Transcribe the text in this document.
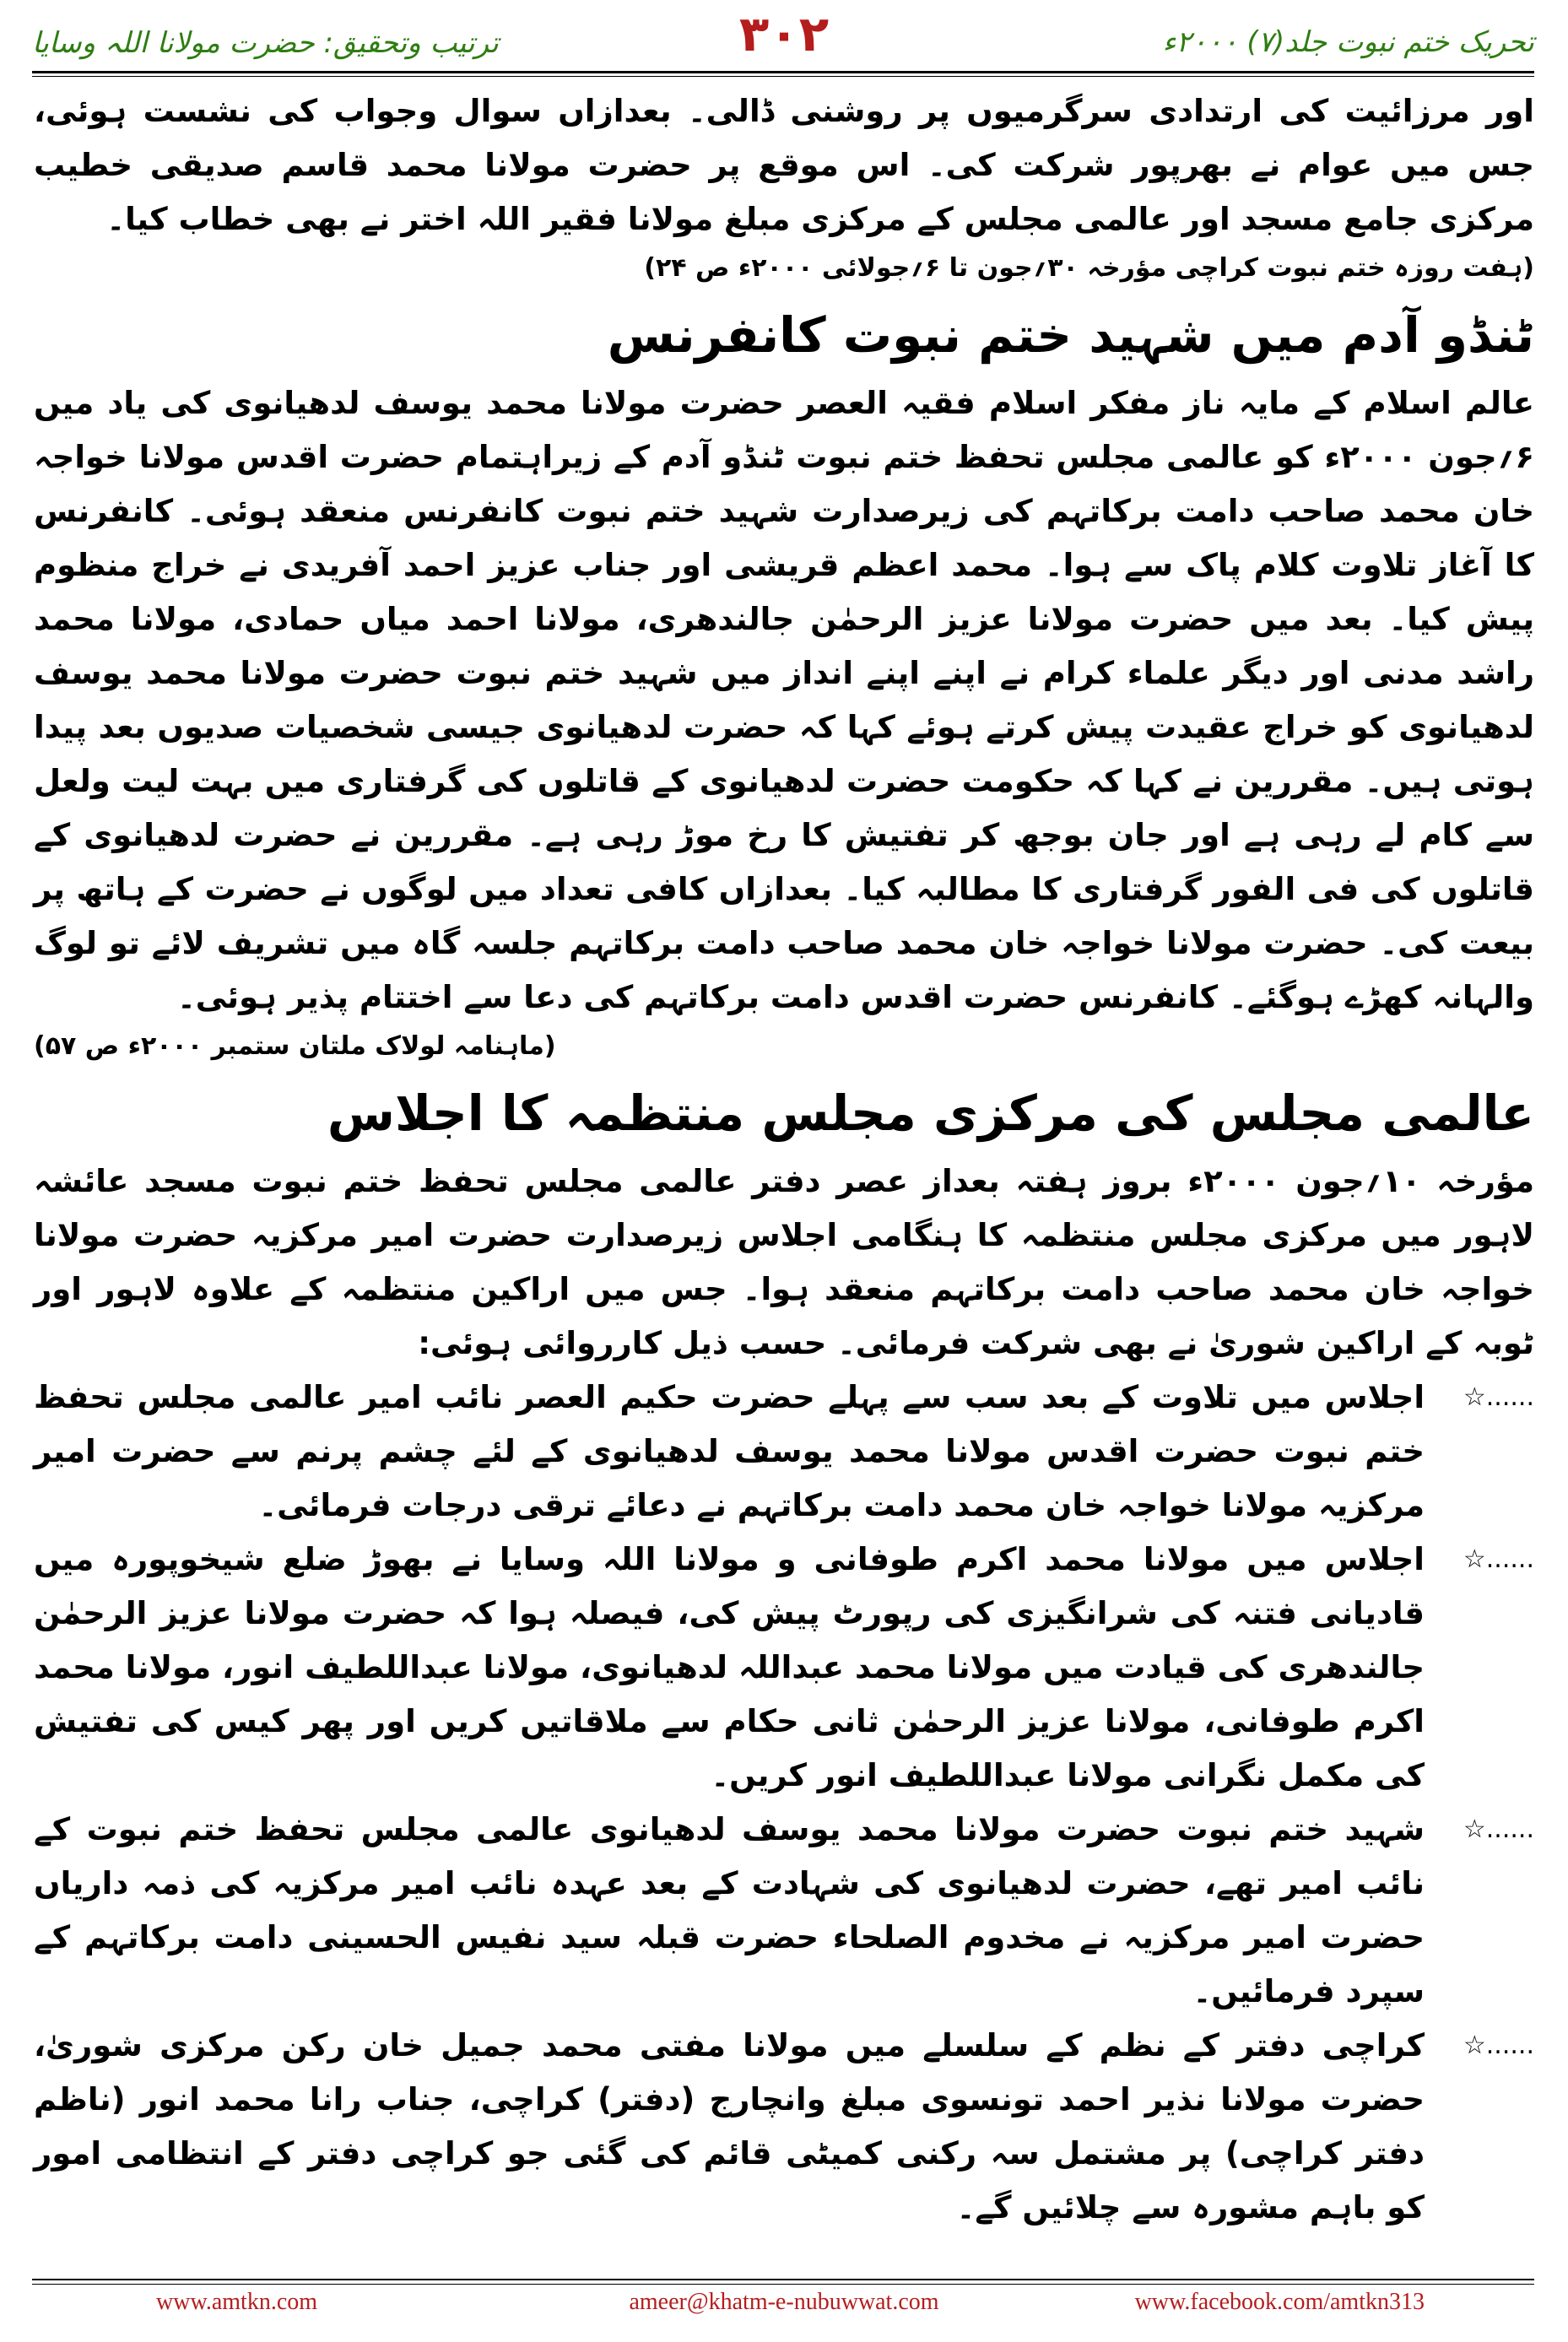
تحریک ختم نبوت جلد(۷) ۲۰۰۰ء
۳۰۲
ترتیب وتحقیق: حضرت مولانا اللہ وسایا

اور مرزائیت کی ارتدادی سرگرمیوں پر روشنی ڈالی۔ بعدازاں سوال وجواب کی نشست ہوئی، جس میں عوام نے بھرپور شرکت کی۔ اس موقع پر حضرت مولانا محمد قاسم صدیقی خطیب مرکزی جامع مسجد اور عالمی مجلس کے مرکزی مبلغ مولانا فقیر اللہ اختر نے بھی خطاب کیا۔

(ہفت روزہ ختم نبوت کراچی مؤرخہ ۳۰؍جون تا ۶؍جولائی ۲۰۰۰ء ص ۲۴)

ٹنڈو آدم میں شہید ختم نبوت کانفرنس

عالم اسلام کے مایہ ناز مفکر اسلام فقیہ العصر حضرت مولانا محمد یوسف لدھیانوی کی یاد میں ۶؍جون ۲۰۰۰ء کو عالمی مجلس تحفظ ختم نبوت ٹنڈو آدم کے زیراہتمام حضرت اقدس مولانا خواجہ خان محمد صاحب دامت برکاتہم کی زیرصدارت شہید ختم نبوت کانفرنس منعقد ہوئی۔ کانفرنس کا آغاز تلاوت کلام پاک سے ہوا۔ محمد اعظم قریشی اور جناب عزیز احمد آفریدی نے خراج منظوم پیش کیا۔ بعد میں حضرت مولانا عزیز الرحمٰن جالندھری، مولانا احمد میاں حمادی، مولانا محمد راشد مدنی اور دیگر علماء کرام نے اپنے اپنے انداز میں شہید ختم نبوت حضرت مولانا محمد یوسف لدھیانوی کو خراج عقیدت پیش کرتے ہوئے کہا کہ حضرت لدھیانوی جیسی شخصیات صدیوں بعد پیدا ہوتی ہیں۔ مقررین نے کہا کہ حکومت حضرت لدھیانوی کے قاتلوں کی گرفتاری میں بہت لیت ولعل سے کام لے رہی ہے اور جان بوجھ کر تفتیش کا رخ موڑ رہی ہے۔ مقررین نے حضرت لدھیانوی کے قاتلوں کی فی الفور گرفتاری کا مطالبہ کیا۔ بعدازاں کافی تعداد میں لوگوں نے حضرت کے ہاتھ پر بیعت کی۔ حضرت مولانا خواجہ خان محمد صاحب دامت برکاتہم جلسہ گاہ میں تشریف لائے تو لوگ والہانہ کھڑے ہوگئے۔ کانفرنس حضرت اقدس دامت برکاتہم کی دعا سے اختتام پذیر ہوئی۔

(ماہنامہ لولاک ملتان ستمبر ۲۰۰۰ء ص ۵۷)

عالمی مجلس کی مرکزی مجلس منتظمہ کا اجلاس

مؤرخہ ۱۰؍جون ۲۰۰۰ء بروز ہفتہ بعداز عصر دفتر عالمی مجلس تحفظ ختم نبوت مسجد عائشہ لاہور میں مرکزی مجلس منتظمہ کا ہنگامی اجلاس زیرصدارت حضرت امیر مرکزیہ حضرت مولانا خواجہ خان محمد صاحب دامت برکاتہم منعقد ہوا۔ جس میں اراکین منتظمہ کے علاوہ لاہور اور ٹوبہ کے اراکین شوریٰ نے بھی شرکت فرمائی۔ حسب ذیل کارروائی ہوئی:

☆......
اجلاس میں تلاوت کے بعد سب سے پہلے حضرت حکیم العصر نائب امیر عالمی مجلس تحفظ ختم نبوت حضرت اقدس مولانا محمد یوسف لدھیانوی کے لئے چشم پرنم سے حضرت امیر مرکزیہ مولانا خواجہ خان محمد دامت برکاتہم نے دعائے ترقی درجات فرمائی۔
☆......
اجلاس میں مولانا محمد اکرم طوفانی و مولانا اللہ وسایا نے بھوڑ ضلع شیخوپورہ میں قادیانی فتنہ کی شرانگیزی کی رپورٹ پیش کی، فیصلہ ہوا کہ حضرت مولانا عزیز الرحمٰن جالندھری کی قیادت میں مولانا محمد عبداللہ لدھیانوی، مولانا عبداللطیف انور، مولانا محمد اکرم طوفانی، مولانا عزیز الرحمٰن ثانی حکام سے ملاقاتیں کریں اور پھر کیس کی تفتیش کی مکمل نگرانی مولانا عبداللطیف انور کریں۔
☆......
شہید ختم نبوت حضرت مولانا محمد یوسف لدھیانوی عالمی مجلس تحفظ ختم نبوت کے نائب امیر تھے، حضرت لدھیانوی کی شہادت کے بعد عہدہ نائب امیر مرکزیہ کی ذمہ داریاں حضرت امیر مرکزیہ نے مخدوم الصلحاء حضرت قبلہ سید نفیس الحسینی دامت برکاتہم کے سپرد فرمائیں۔
☆......
کراچی دفتر کے نظم کے سلسلے میں مولانا مفتی محمد جمیل خان رکن مرکزی شوریٰ، حضرت مولانا نذیر احمد تونسوی مبلغ وانچارج (دفتر) کراچی، جناب رانا محمد انور (ناظم دفتر کراچی) پر مشتمل سہ رکنی کمیٹی قائم کی گئی جو کراچی دفتر کے انتظامی امور کو باہم مشورہ سے چلائیں گے۔
www.amtkn.com	ameer@khatm-e-nubuwwat.com	www.facebook.com/amtkn313
